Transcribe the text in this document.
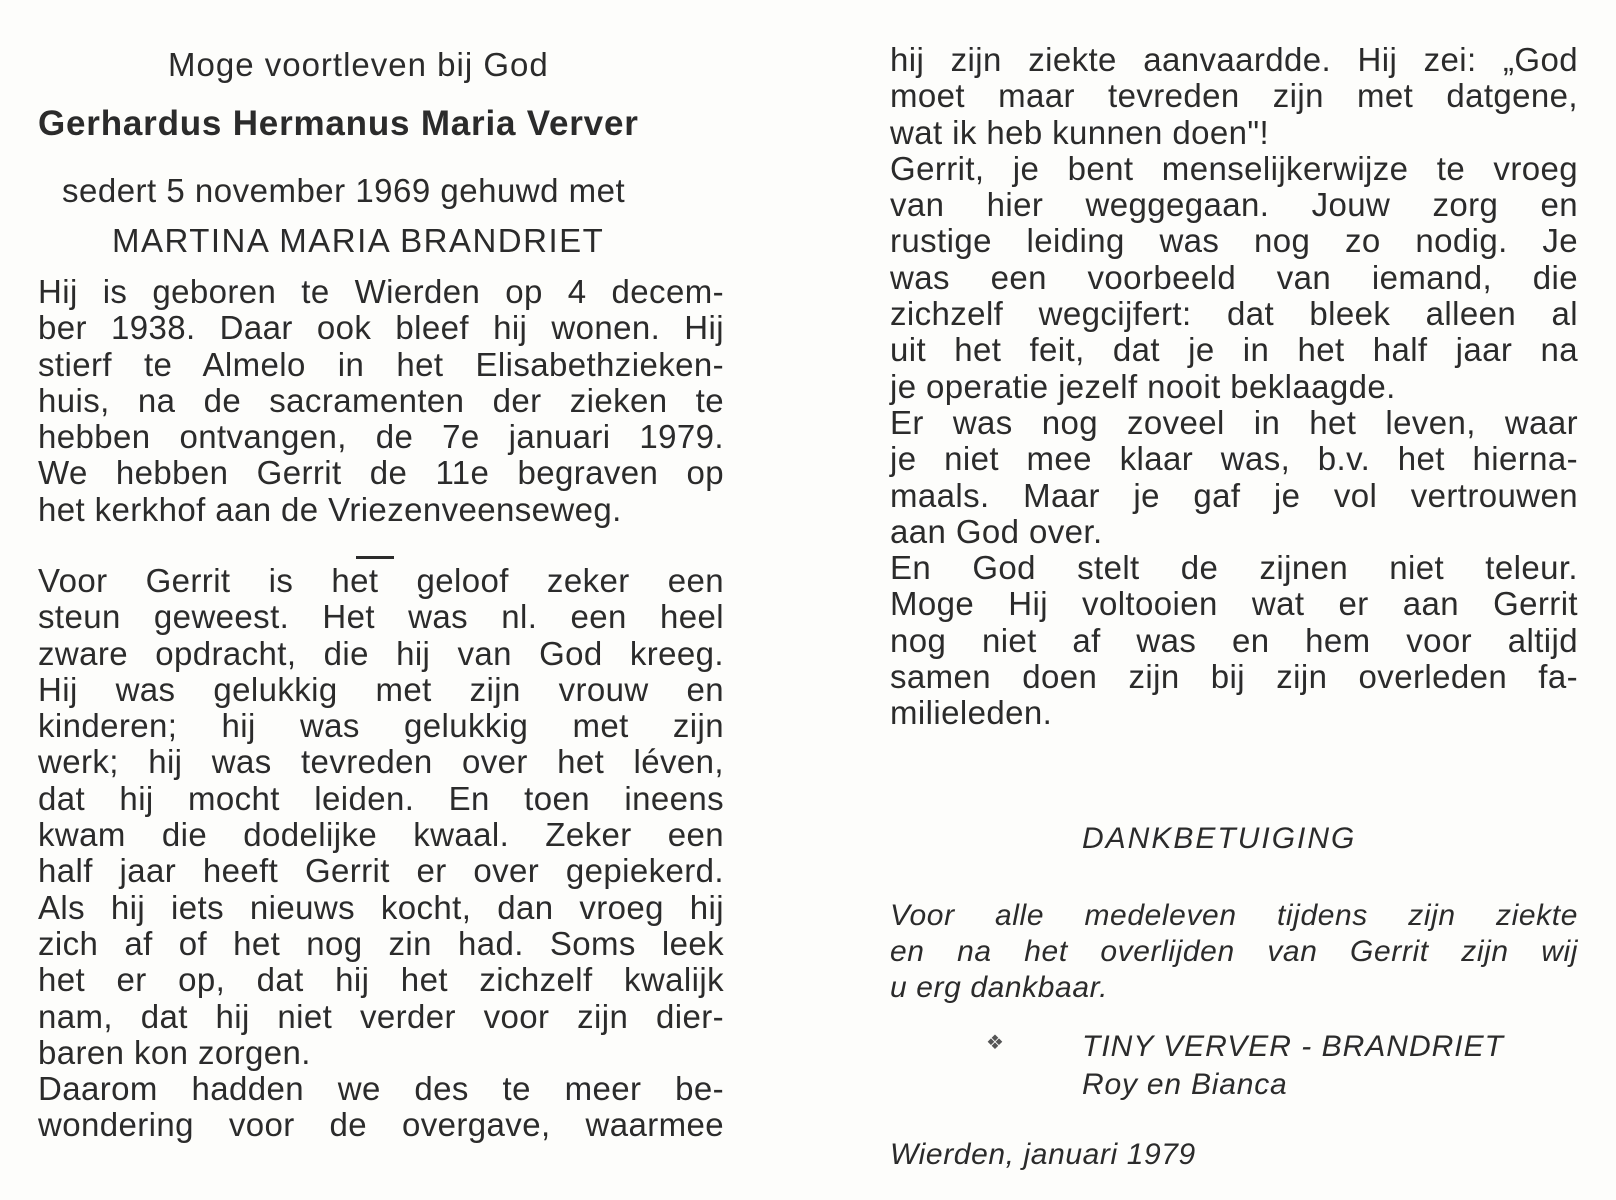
Moge voortleven bij God
Gerhardus Hermanus Maria Verver
sedert 5 november 1969 gehuwd met
MARTINA MARIA BRANDRIET
Hij is geboren te Wierden op 4 decem-
ber 1938. Daar ook bleef hij wonen. Hij
stierf te Almelo in het Elisabethzieken-
huis, na de sacramenten der zieken te
hebben ontvangen, de 7e januari 1979.
We hebben Gerrit de 11e begraven op
het kerkhof aan de Vriezenveenseweg.
Voor Gerrit is het geloof zeker een
steun geweest. Het was nl. een heel
zware opdracht, die hij van God kreeg.
Hij was gelukkig met zijn vrouw en
kinderen; hij was gelukkig met zijn
werk; hij was tevreden over het léven,
dat hij mocht leiden. En toen ineens
kwam die dodelijke kwaal. Zeker een
half jaar heeft Gerrit er over gepiekerd.
Als hij iets nieuws kocht, dan vroeg hij
zich af of het nog zin had. Soms leek
het er op, dat hij het zichzelf kwalijk
nam, dat hij niet verder voor zijn dier-
baren kon zorgen.
Daarom hadden we des te meer be-
wondering voor de overgave, waarmee
hij zijn ziekte aanvaardde. Hij zei: „God
moet maar tevreden zijn met datgene,
wat ik heb kunnen doen"!
Gerrit, je bent menselijkerwijze te vroeg
van hier weggegaan. Jouw zorg en
rustige leiding was nog zo nodig. Je
was een voorbeeld van iemand, die
zichzelf wegcijfert: dat bleek alleen al
uit het feit, dat je in het half jaar na
je operatie jezelf nooit beklaagde.
Er was nog zoveel in het leven, waar
je niet mee klaar was, b.v. het hierna-
maals. Maar je gaf je vol vertrouwen
aan God over.
En God stelt de zijnen niet teleur.
Moge Hij voltooien wat er aan Gerrit
nog niet af was en hem voor altijd
samen doen zijn bij zijn overleden fa-
milieleden.
DANKBETUIGING
Voor alle medeleven tijdens zijn ziekte
en na het overlijden van Gerrit zijn wij
u erg dankbaar.
❖	TINY VERVER - BRANDRIET
Roy en Bianca
Wierden, januari 1979
